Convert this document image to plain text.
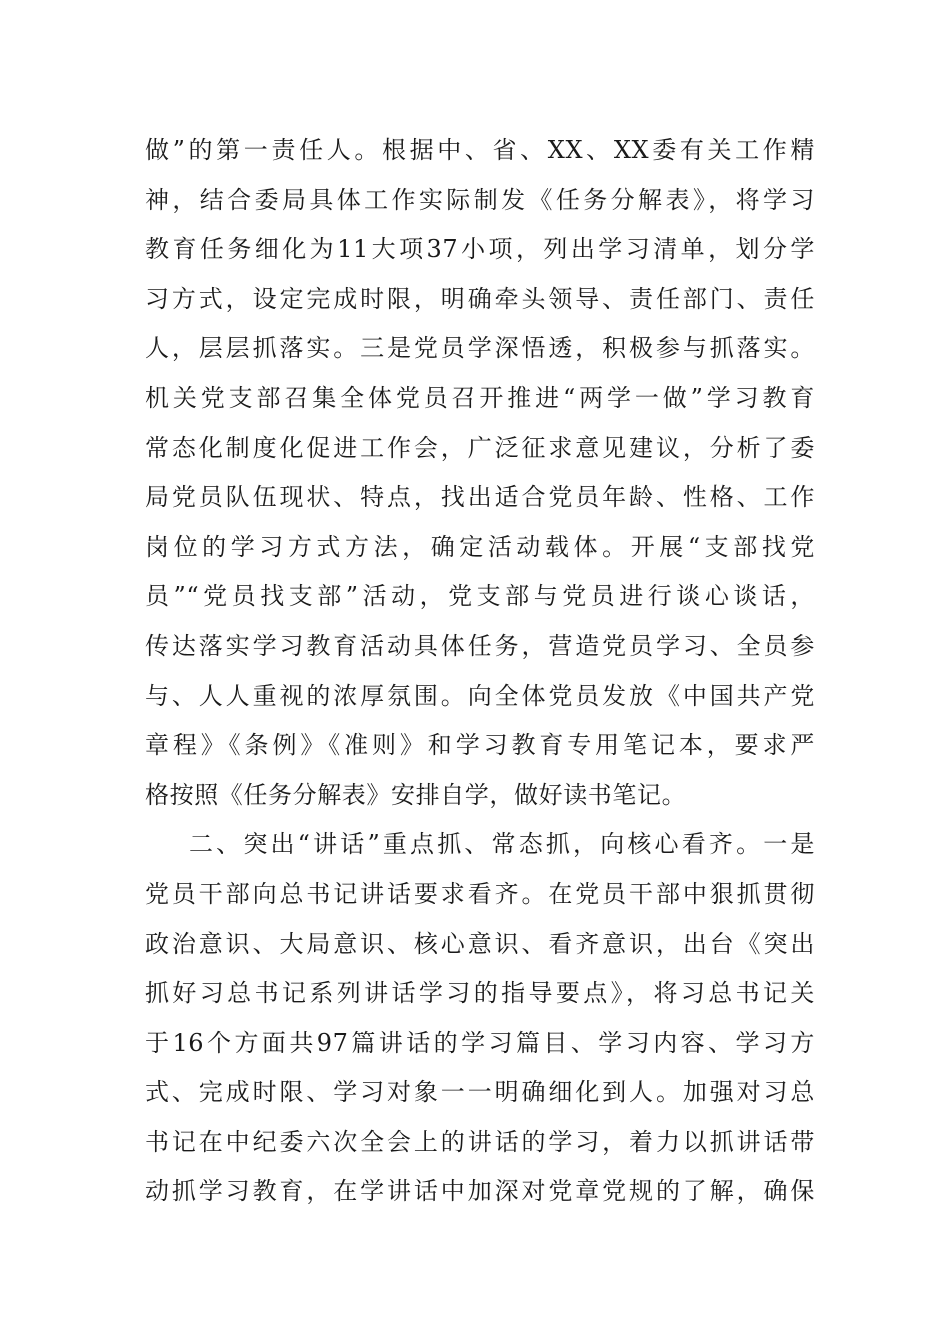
做”的第一责任人。根据中、省、XX、XX委有关工作精
神，结合委局具体工作实际制发《任务分解表》，将学习
教育任务细化为11大项37小项，列出学习清单，划分学
习方式，设定完成时限，明确牵头领导、责任部门、责任
人，层层抓落实。三是党员学深悟透，积极参与抓落实。
机关党支部召集全体党员召开推进“两学一做”学习教育
常态化制度化促进工作会，广泛征求意见建议，分析了委
局党员队伍现状、特点，找出适合党员年龄、性格、工作
岗位的学习方式方法，确定活动载体。开展“支部找党
员”“党员找支部”活动，党支部与党员进行谈心谈话，
传达落实学习教育活动具体任务，营造党员学习、全员参
与、人人重视的浓厚氛围。向全体党员发放《中国共产党
章程》《条例》《准则》和学习教育专用笔记本，要求严
格按照《任务分解表》安排自学，做好读书笔记。
二、突出“讲话”重点抓、常态抓，向核心看齐。一是
党员干部向总书记讲话要求看齐。在党员干部中狠抓贯彻
政治意识、大局意识、核心意识、看齐意识，出台《突出
抓好习总书记系列讲话学习的指导要点》，将习总书记关
于16个方面共97篇讲话的学习篇目、学习内容、学习方
式、完成时限、学习对象一一明确细化到人。加强对习总
书记在中纪委六次全会上的讲话的学习，着力以抓讲话带
动抓学习教育，在学讲话中加深对党章党规的了解，确保
